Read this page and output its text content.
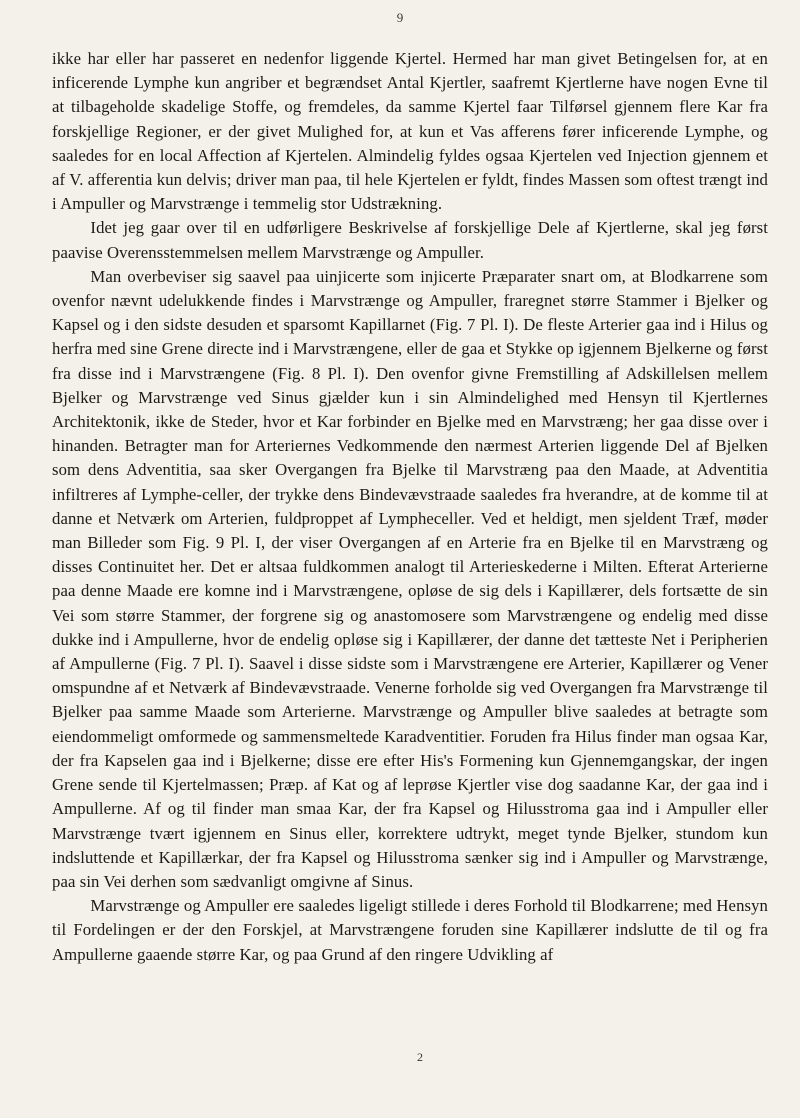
9

ikke har eller har passeret en nedenfor liggende Kjertel. Hermed har man givet Betingelsen for, at en inficerende Lymphe kun angriber et begrændset Antal Kjertler, saafremt Kjertlerne have nogen Evne til at tilbageholde skadelige Stoffe, og fremdeles, da samme Kjertel faar Tilførsel gjennem flere Kar fra forskjellige Regioner, er der givet Mulighed for, at kun et Vas afferens fører inficerende Lymphe, og saaledes for en local Affection af Kjertelen. Almindelig fyldes ogsaa Kjertelen ved Injection gjennem et af V. afferentia kun delvis; driver man paa, til hele Kjertelen er fyldt, findes Massen som oftest trængt ind i Ampuller og Marvstrænge i temmelig stor Udstrækning.

Idet jeg gaar over til en udførligere Beskrivelse af forskjellige Dele af Kjertlerne, skal jeg først paavise Overensstemmelsen mellem Marvstrænge og Ampuller.

Man overbeviser sig saavel paa uinjicerte som injicerte Præparater snart om, at Blodkarrene som ovenfor nævnt udelukkende findes i Marvstrænge og Ampuller, fraregnet større Stammer i Bjelker og Kapsel og i den sidste desuden et sparsomt Kapillarnet (Fig. 7 Pl. I). De fleste Arterier gaa ind i Hilus og herfra med sine Grene directe ind i Marvstrængene, eller de gaa et Stykke op igjennem Bjelkerne og først fra disse ind i Marvstrængene (Fig. 8 Pl. I). Den ovenfor givne Fremstilling af Adskillelsen mellem Bjelker og Marvstrænge ved Sinus gjælder kun i sin Almindelighed med Hensyn til Kjertlernes Architektonik, ikke de Steder, hvor et Kar forbinder en Bjelke med en Marvstræng; her gaa disse over i hinanden. Betragter man for Arteriernes Vedkommende den nærmest Arterien liggende Del af Bjelken som dens Adventitia, saa sker Overgangen fra Bjelke til Marvstræng paa den Maade, at Adventitia infiltreres af Lymphe-celler, der trykke dens Bindevævstraade saaledes fra hverandre, at de komme til at danne et Netværk om Arterien, fuldproppet af Lympheceller. Ved et heldigt, men sjeldent Træf, møder man Billeder som Fig. 9 Pl. I, der viser Overgangen af en Arterie fra en Bjelke til en Marvstræng og disses Continuitet her. Det er altsaa fuldkommen analogt til Arterieskederne i Milten. Efterat Arterierne paa denne Maade ere komne ind i Marvstrængene, opløse de sig dels i Kapillærer, dels fortsætte de sin Vei som større Stammer, der forgrene sig og anastomosere som Marvstrængene og endelig med disse dukke ind i Ampullerne, hvor de endelig opløse sig i Kapillærer, der danne det tætteste Net i Peripherien af Ampullerne (Fig. 7 Pl. I). Saavel i disse sidste som i Marvstrængene ere Arterier, Kapillærer og Vener omspundne af et Netværk af Bindevævstraade. Venerne forholde sig ved Overgangen fra Marvstrænge til Bjelker paa samme Maade som Arterierne. Marvstrænge og Ampuller blive saaledes at betragte som eiendommeligt omformede og sammensmeltede Karadventitier. Foruden fra Hilus finder man ogsaa Kar, der fra Kapselen gaa ind i Bjelkerne; disse ere efter His's Formening kun Gjennemgangskar, der ingen Grene sende til Kjertelmassen; Præp. af Kat og af leprøse Kjertler vise dog saadanne Kar, der gaa ind i Ampullerne. Af og til finder man smaa Kar, der fra Kapsel og Hilusstroma gaa ind i Ampuller eller Marvstrænge tvært igjennem en Sinus eller, korrektere udtrykt, meget tynde Bjelker, stundom kun indsluttende et Kapillærkar, der fra Kapsel og Hilusstroma sænker sig ind i Ampuller og Marvstrænge, paa sin Vei derhen som sædvanligt omgivne af Sinus.

Marvstrænge og Ampuller ere saaledes ligeligt stillede i deres Forhold til Blodkarrene; med Hensyn til Fordelingen er der den Forskjel, at Marvstrængene foruden sine Kapillærer indslutte de til og fra Ampullerne gaaende større Kar, og paa Grund af den ringere Udvikling af

2
